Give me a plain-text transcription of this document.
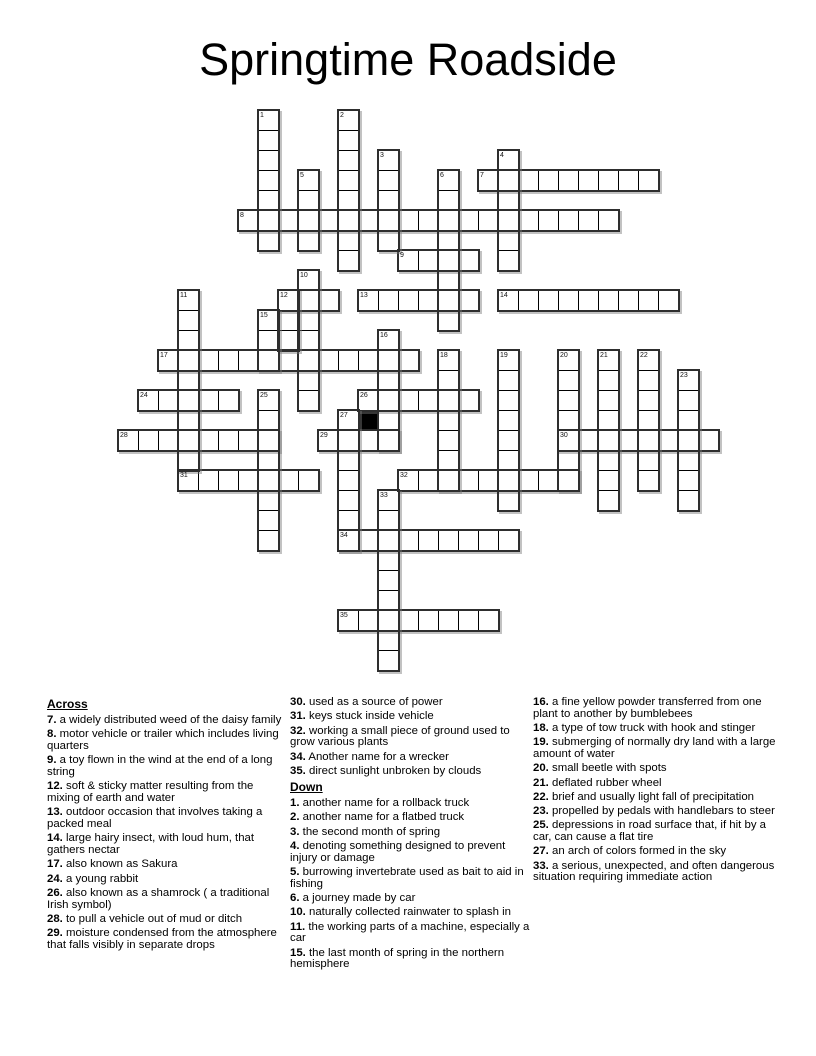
Springtime Roadside
7
8
9
12	13	14
17
24	26
28	29	30
31	32
34
35
1	2
3	4
5	6
10
11
15
16
18	19	20	21	22
23
25
27
33
Across

7. a widely distributed weed of the daisy family

8. motor vehicle or trailer which includes living quarters

9. a toy flown in the wind at the end of a long string

12. soft & sticky matter resulting from the mixing of earth and water

13. outdoor occasion that involves taking a packed meal

14. large hairy insect, with loud hum, that gathers nectar

17. also known as Sakura

24. a young rabbit

26. also known as a shamrock ( a traditional Irish symbol)

28. to pull a vehicle out of mud or ditch

29. moisture condensed from the atmosphere that falls visibly in separate drops

30. used as a source of power

31. keys stuck inside vehicle

32. working a small piece of ground used to grow various plants

34. Another name for a wrecker

35. direct sunlight unbroken by clouds

Down

1. another name for a rollback truck

2. another name for a flatbed truck

3. the second month of spring

4. denoting something designed to prevent injury or damage

5. burrowing invertebrate used as bait to aid in fishing

6. a journey made by car

10. naturally collected rainwater to splash in

11. the working parts of a machine, especially a car

15. the last month of spring in the northern hemisphere

16. a fine yellow powder transferred from one plant to another by bumblebees

18. a type of tow truck with hook and stinger

19. submerging of normally dry land with a large amount of water

20. small beetle with spots

21. deflated rubber wheel

22. brief and usually light fall of precipitation

23. propelled by pedals with handlebars to steer

25. depressions in road surface that, if hit by a car, can cause a flat tire

27. an arch of colors formed in the sky

33. a serious, unexpected, and often dangerous situation requiring immediate action
